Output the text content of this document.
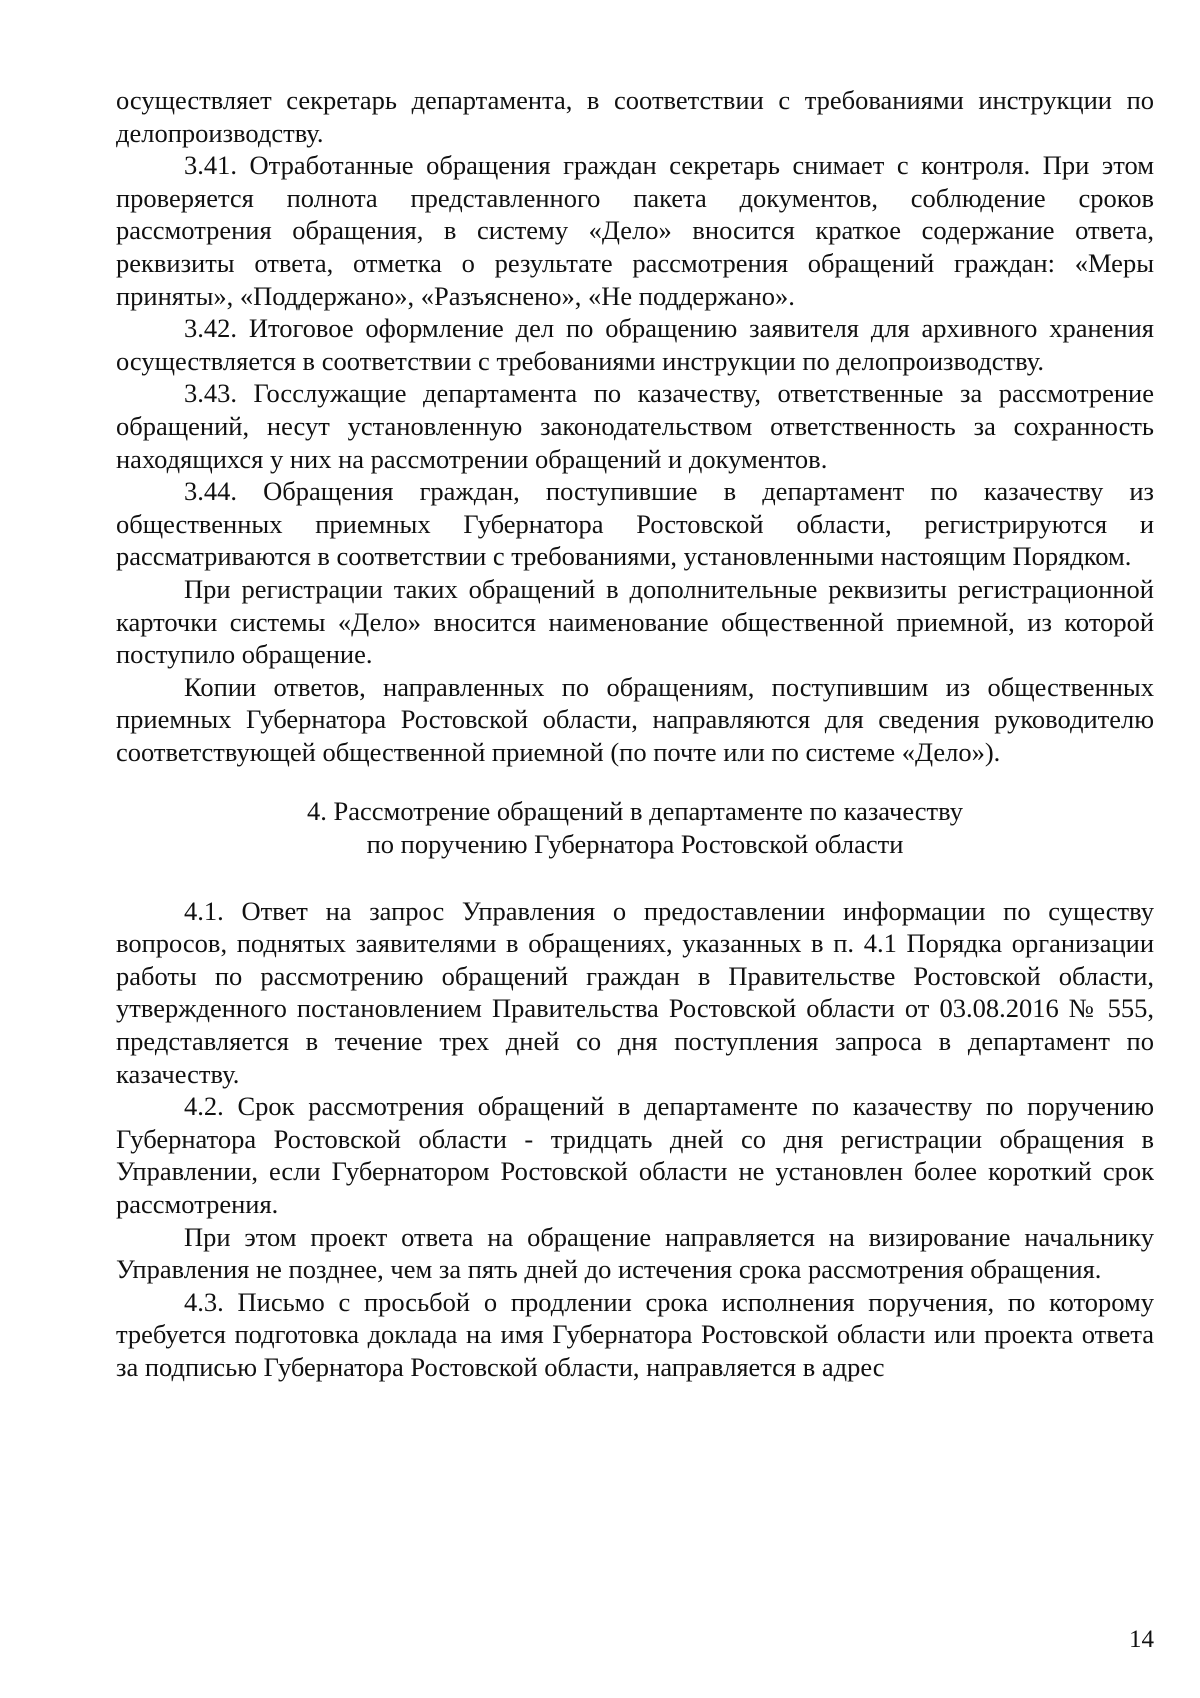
осуществляет секретарь департамента, в соответствии с требованиями инструкции по делопроизводству.

3.41. Отработанные обращения граждан секретарь снимает с контроля. При этом проверяется полнота представленного пакета документов, соблюдение сроков рассмотрения обращения, в систему «Дело» вносится краткое содержание ответа, реквизиты ответа, отметка о результате рассмотрения обращений граждан: «Меры приняты», «Поддержано», «Разъяснено», «Не поддержано».

3.42. Итоговое оформление дел по обращению заявителя для архивного хранения осуществляется в соответствии с требованиями инструкции по делопроизводству.

3.43. Госслужащие департамента по казачеству, ответственные за рассмотрение обращений, несут установленную законодательством ответственность за сохранность находящихся у них на рассмотрении обращений и документов.

3.44. Обращения граждан, поступившие в департамент по казачеству из общественных приемных Губернатора Ростовской области, регистрируются и рассматриваются в соответствии с требованиями, установленными настоящим Порядком.

При регистрации таких обращений в дополнительные реквизиты регистрационной карточки системы «Дело» вносится наименование общественной приемной, из которой поступило обращение.

Копии ответов, направленных по обращениям, поступившим из общественных приемных Губернатора Ростовской области, направляются для сведения руководителю соответствующей общественной приемной (по почте или по системе «Дело»).

4. Рассмотрение обращений в департаменте по казачеству
по поручению Губернатора Ростовской области

4.1. Ответ на запрос Управления о предоставлении информации по существу вопросов, поднятых заявителями в обращениях, указанных в п. 4.1 Порядка организации работы по рассмотрению обращений граждан в Правительстве Ростовской области, утвержденного постановлением Правительства Ростовской области от 03.08.2016 № 555, представляется в течение трех дней со дня поступления запроса в департамент по казачеству.

4.2. Срок рассмотрения обращений в департаменте по казачеству по поручению Губернатора Ростовской области - тридцать дней со дня регистрации обращения в Управлении, если Губернатором Ростовской области не установлен более короткий срок рассмотрения.

При этом проект ответа на обращение направляется на визирование начальнику Управления не позднее, чем за пять дней до истечения срока рассмотрения обращения.

4.3. Письмо с просьбой о продлении срока исполнения поручения, по которому требуется подготовка доклада на имя Губернатора Ростовской области или проекта ответа за подписью Губернатора Ростовской области, направляется в адрес

14
